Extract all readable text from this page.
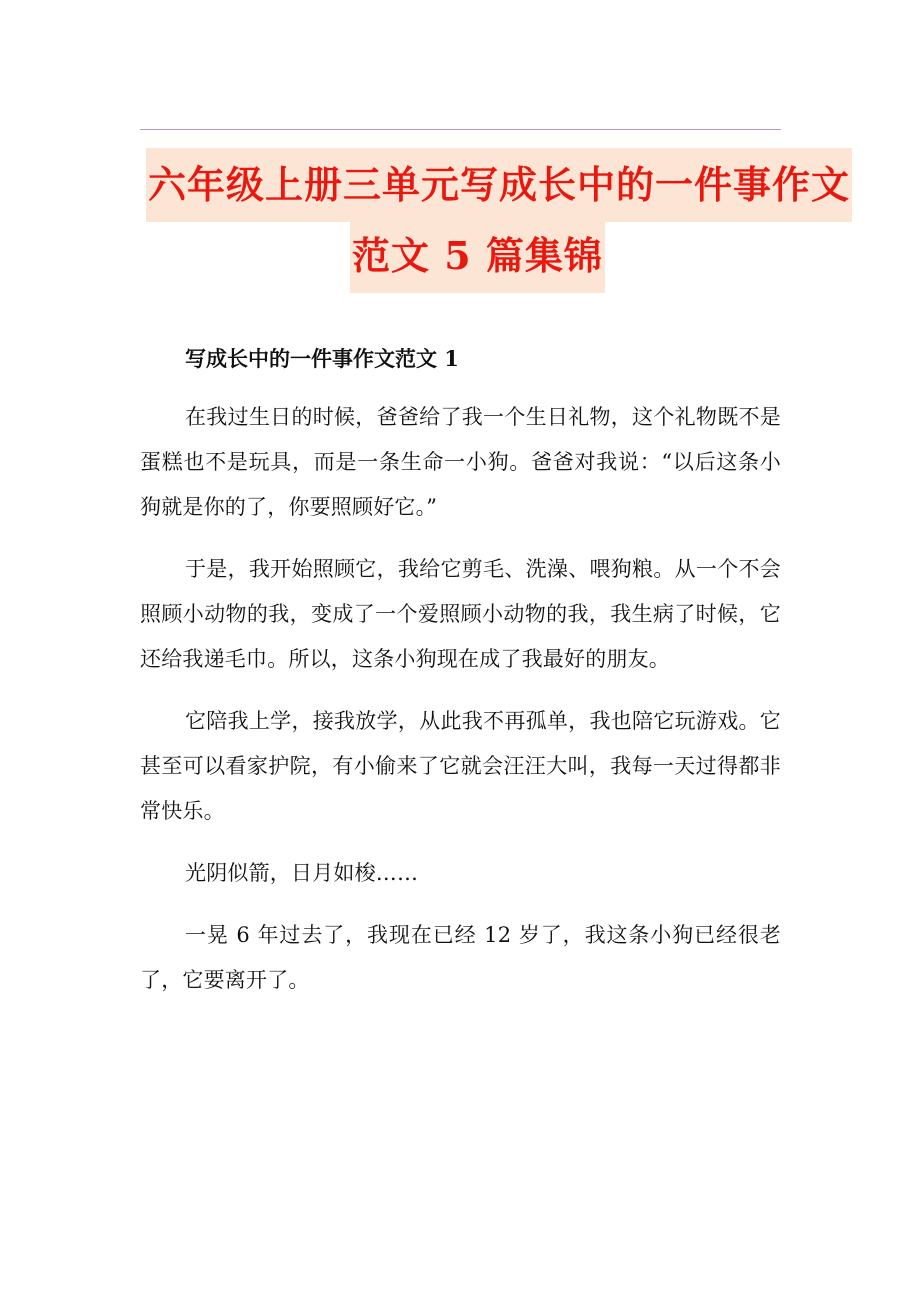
六年级上册三单元写成长中的一件事作文
范文 5 篇集锦

写成长中的一件事作文范文 1

在我过生日的时候，爸爸给了我一个生日礼物，这个礼物既不是蛋糕也不是玩具，而是一条生命一小狗。爸爸对我说：“以后这条小狗就是你的了，你要照顾好它。”

于是，我开始照顾它，我给它剪毛、洗澡、喂狗粮。从一个不会照顾小动物的我，变成了一个爱照顾小动物的我，我生病了时候，它还给我递毛巾。所以，这条小狗现在成了我最好的朋友。

它陪我上学，接我放学，从此我不再孤单，我也陪它玩游戏。它甚至可以看家护院，有小偷来了它就会汪汪大叫，我每一天过得都非常快乐。

光阴似箭，日月如梭……

一晃 6 年过去了，我现在已经 12 岁了，我这条小狗已经很老了，它要离开了。
